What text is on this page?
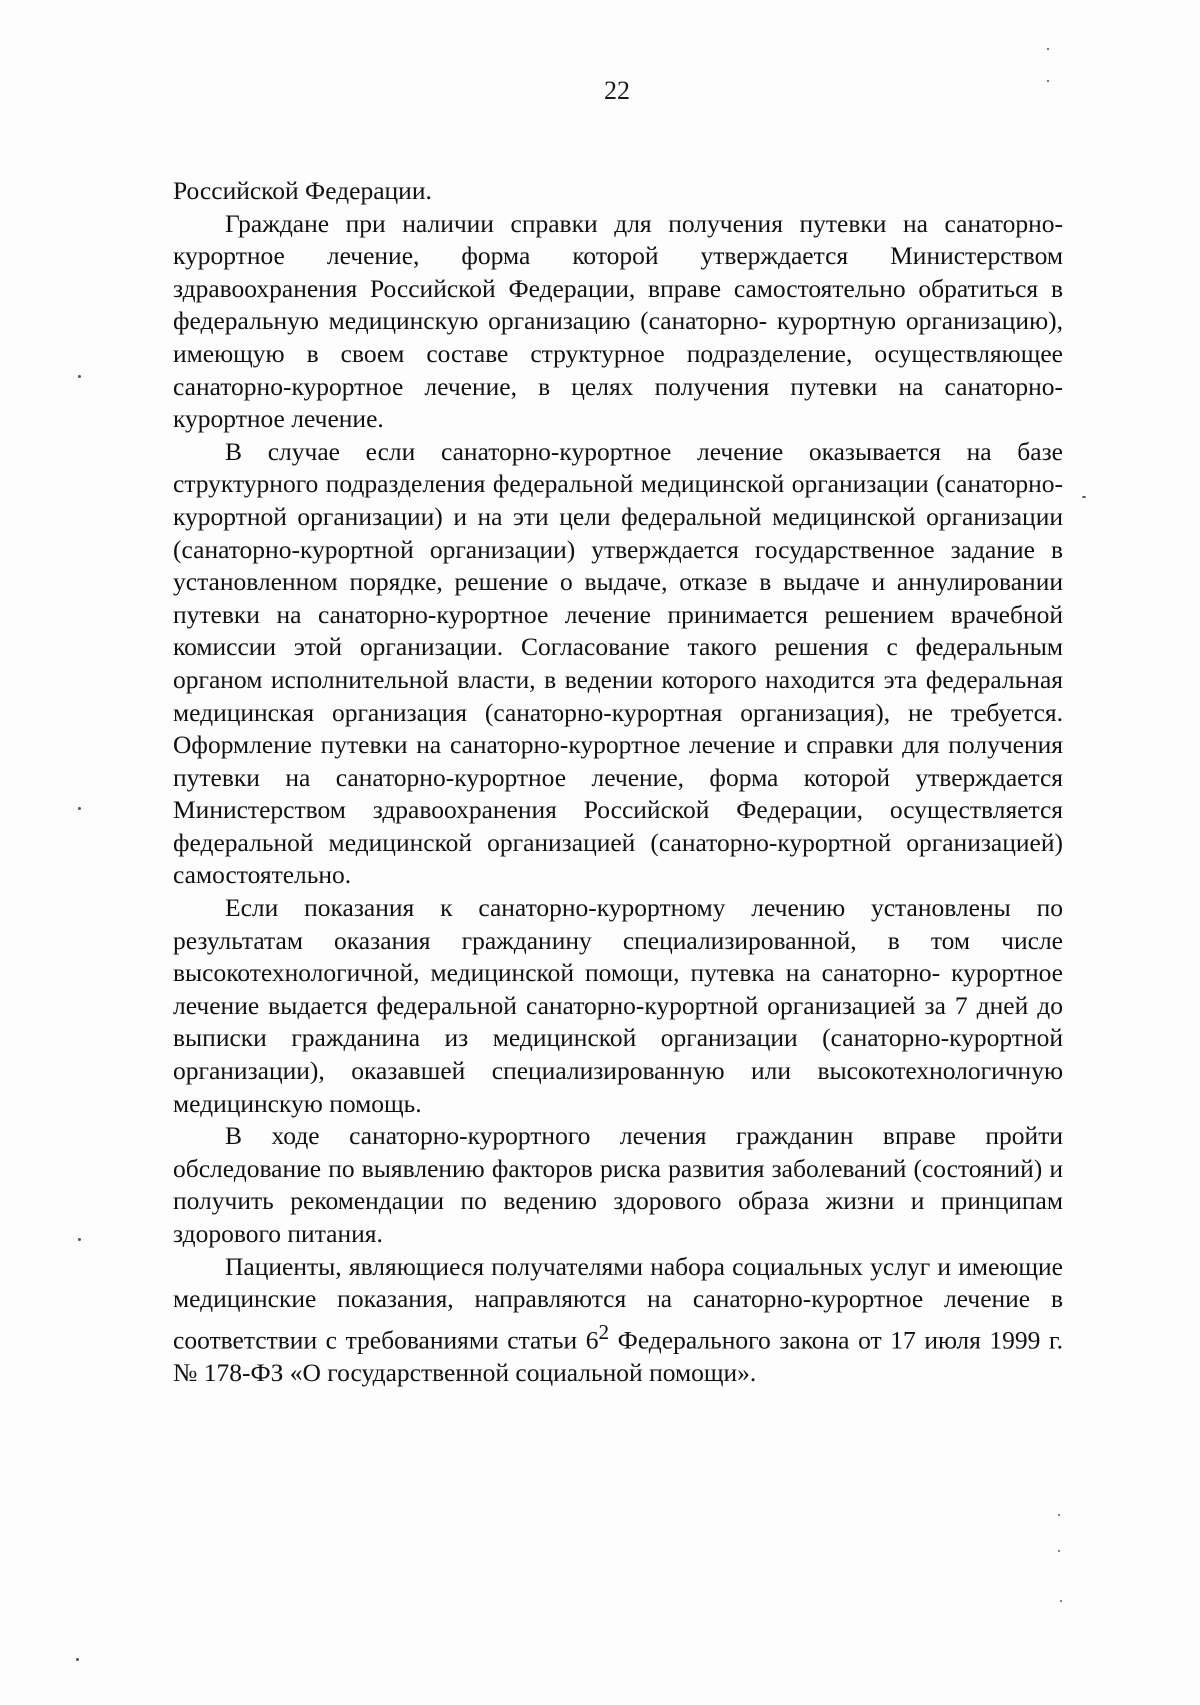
22

Российской Федерации.

Граждане при наличии справки для получения путевки на санаторно- курортное лечение, форма которой утверждается Министерством здравоохранения Российской Федерации, вправе самостоятельно обратиться в федеральную медицинскую организацию (санаторно- курортную организацию), имеющую в своем составе структурное подразделение, осуществляющее санаторно-курортное лечение, в целях получения путевки на санаторно-курортное лечение.

В случае если санаторно-курортное лечение оказывается на базе структурного подразделения федеральной медицинской организации (санаторно-курортной организации) и на эти цели федеральной медицинской организации (санаторно-курортной организации) утверждается государственное задание в установленном порядке, решение о выдаче, отказе в выдаче и аннулировании путевки на санаторно-курортное лечение принимается решением врачебной комиссии этой организации. Согласование такого решения с федеральным органом исполнительной власти, в ведении которого находится эта федеральная медицинская организация (санаторно-курортная организация), не требуется. Оформление путевки на санаторно-курортное лечение и справки для получения путевки на санаторно-курортное лечение, форма которой утверждается Министерством здравоохранения Российской Федерации, осуществляется федеральной медицинской организацией (санаторно-курортной организацией) самостоятельно.

Если показания к санаторно-курортному лечению установлены по результатам оказания гражданину специализированной, в том числе высокотехнологичной, медицинской помощи, путевка на санаторно- курортное лечение выдается федеральной санаторно-курортной организацией за 7 дней до выписки гражданина из медицинской организации (санаторно-курортной организации), оказавшей специализированную или высокотехнологичную медицинскую помощь.

В ходе санаторно-курортного лечения гражданин вправе пройти обследование по выявлению факторов риска развития заболеваний (состояний) и получить рекомендации по ведению здорового образа жизни и принципам здорового питания.

Пациенты, являющиеся получателями набора социальных услуг и имеющие медицинские показания, направляются на санаторно-курортное лечение в соответствии с требованиями статьи $6^2$ Федерального закона от 17 июля 1999 г. № 178-ФЗ «О государственной социальной помощи».
